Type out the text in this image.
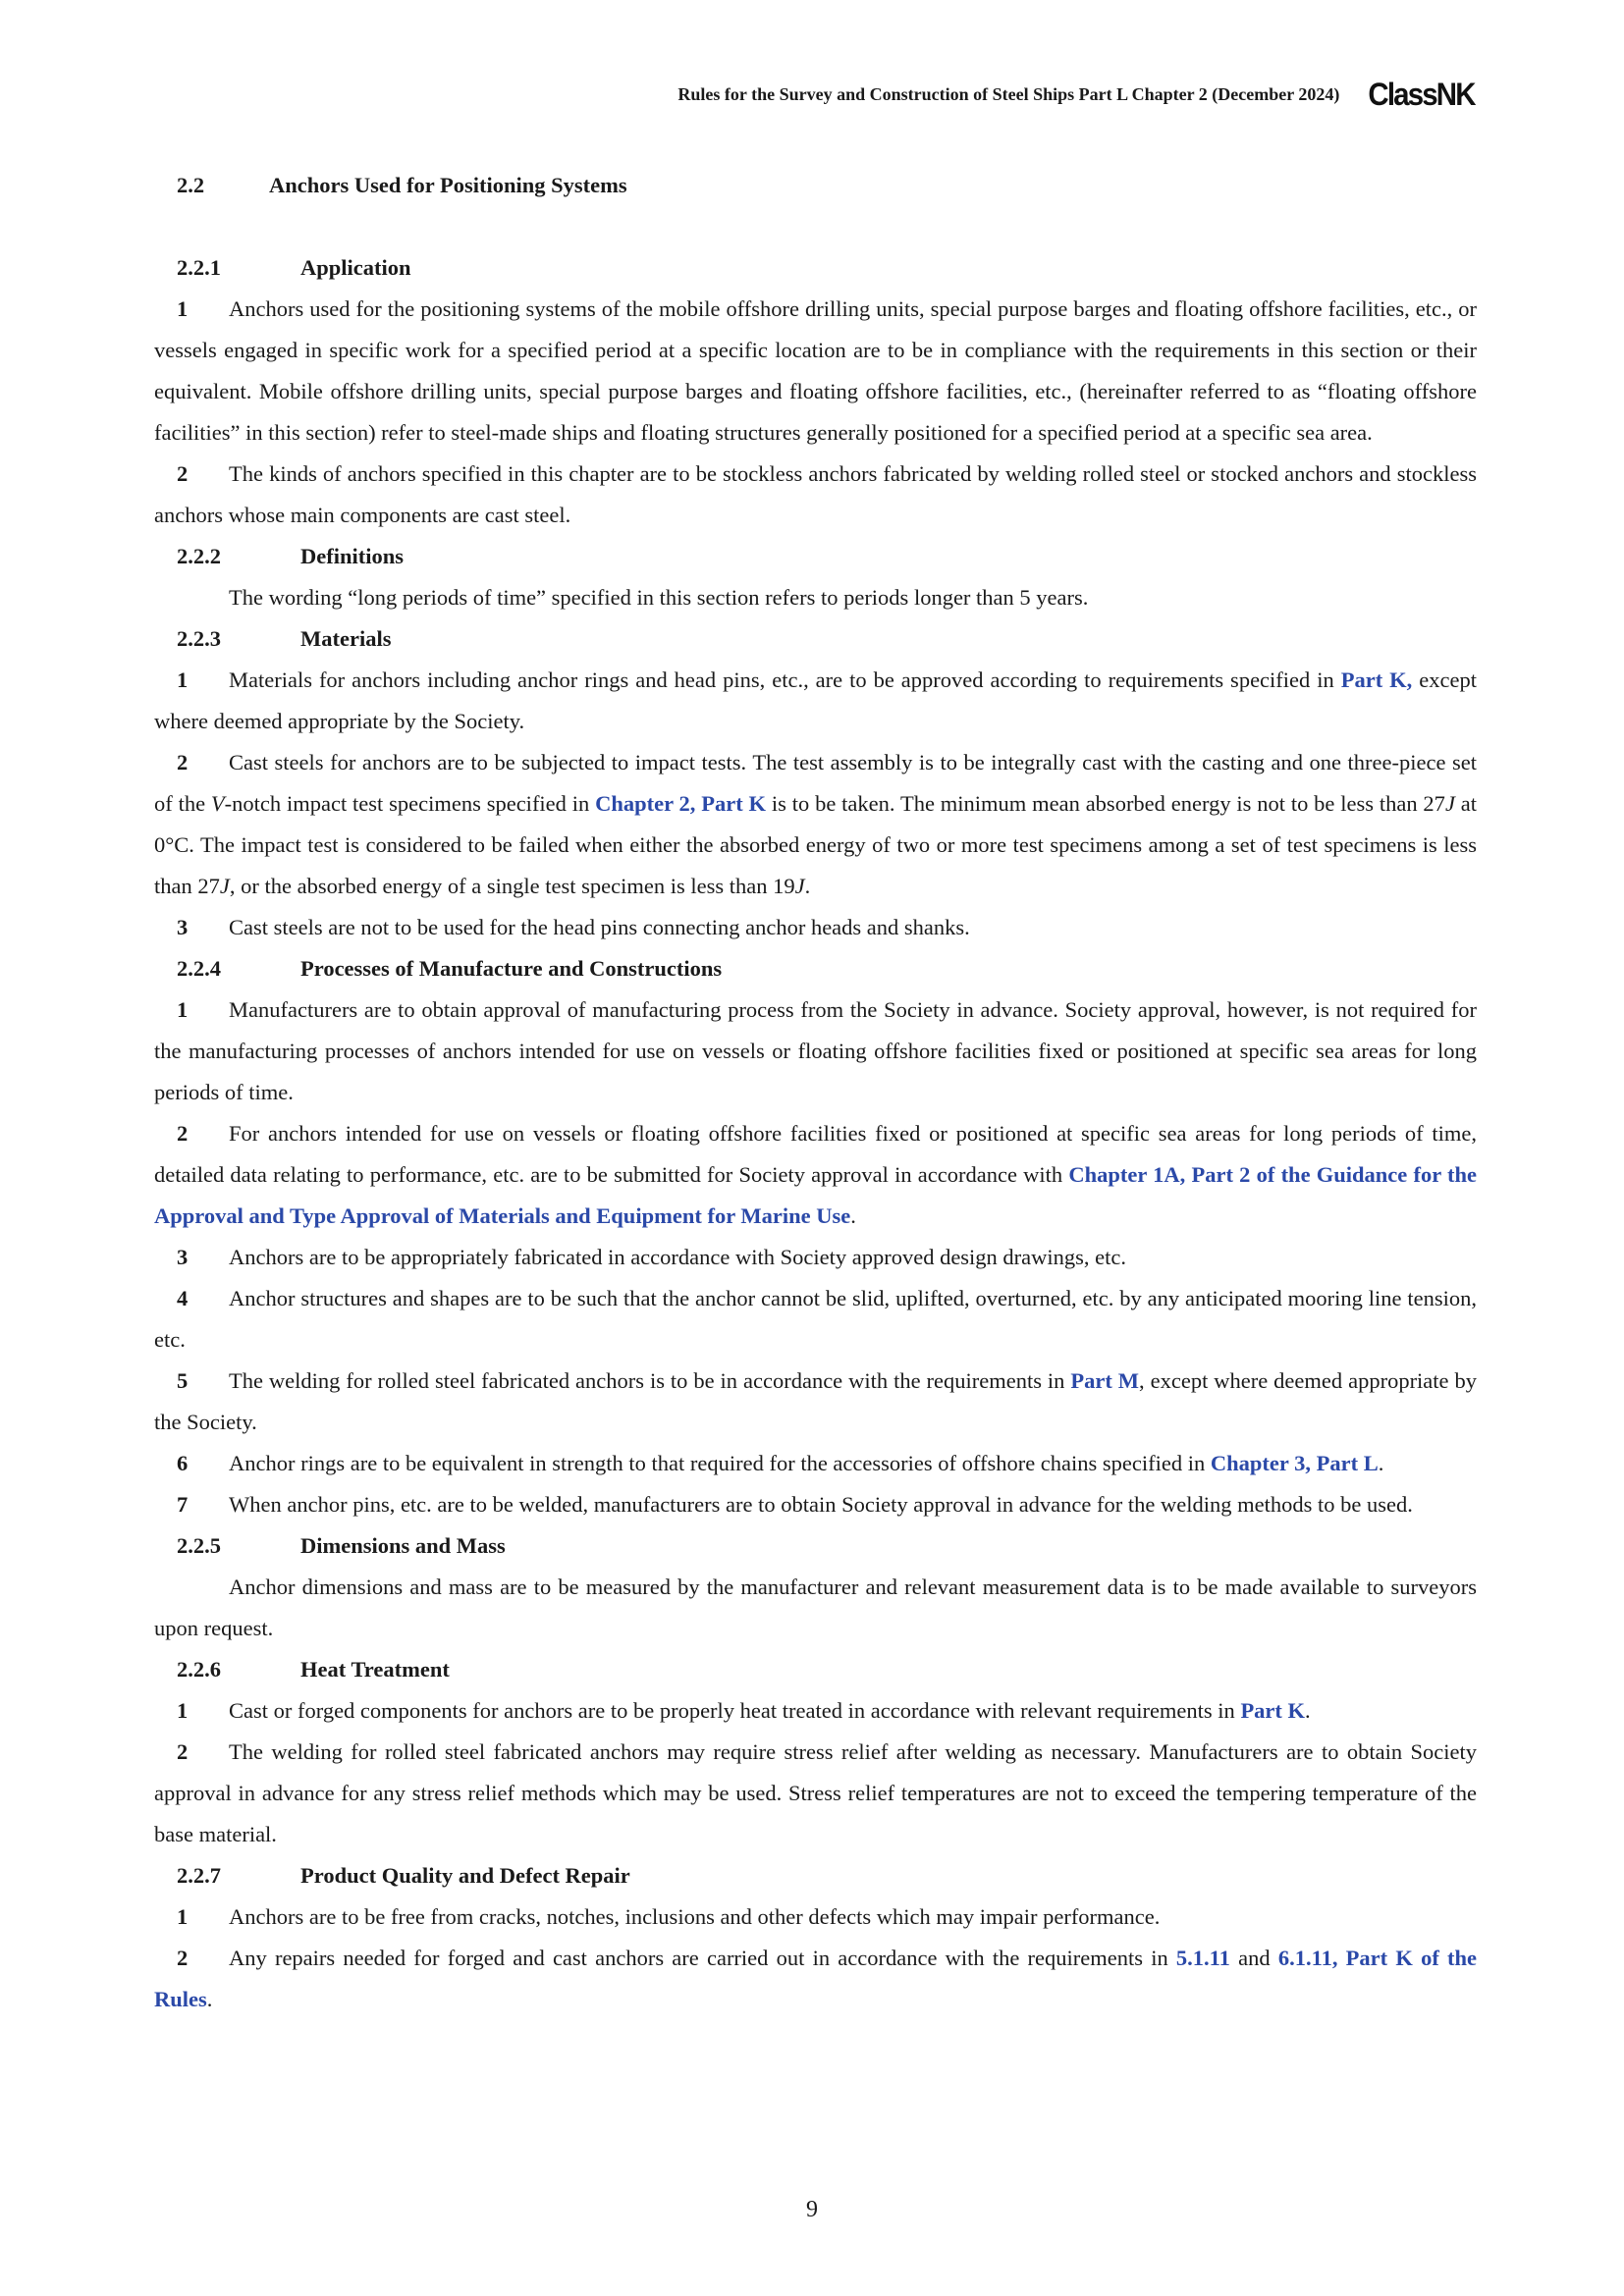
Rules for the Survey and Construction of Steel Ships Part L Chapter 2 (December 2024) ClassNK
2.2	Anchors Used for Positioning Systems
2.2.1	Application
1 Anchors used for the positioning systems of the mobile offshore drilling units, special purpose barges and floating offshore facilities, etc., or vessels engaged in specific work for a specified period at a specific location are to be in compliance with the requirements in this section or their equivalent. Mobile offshore drilling units, special purpose barges and floating offshore facilities, etc., (hereinafter referred to as “floating offshore facilities” in this section) refer to steel-made ships and floating structures generally positioned for a specified period at a specific sea area.
2 The kinds of anchors specified in this chapter are to be stockless anchors fabricated by welding rolled steel or stocked anchors and stockless anchors whose main components are cast steel.
2.2.2	Definitions
The wording “long periods of time” specified in this section refers to periods longer than 5 years.
2.2.3	Materials
1 Materials for anchors including anchor rings and head pins, etc., are to be approved according to requirements specified in Part K, except where deemed appropriate by the Society.
2 Cast steels for anchors are to be subjected to impact tests. The test assembly is to be integrally cast with the casting and one three-piece set of the V-notch impact test specimens specified in Chapter 2, Part K is to be taken. The minimum mean absorbed energy is not to be less than 27J at 0°C. The impact test is considered to be failed when either the absorbed energy of two or more test specimens among a set of test specimens is less than 27J, or the absorbed energy of a single test specimen is less than 19J.
3 Cast steels are not to be used for the head pins connecting anchor heads and shanks.
2.2.4	Processes of Manufacture and Constructions
1 Manufacturers are to obtain approval of manufacturing process from the Society in advance. Society approval, however, is not required for the manufacturing processes of anchors intended for use on vessels or floating offshore facilities fixed or positioned at specific sea areas for long periods of time.
2 For anchors intended for use on vessels or floating offshore facilities fixed or positioned at specific sea areas for long periods of time, detailed data relating to performance, etc. are to be submitted for Society approval in accordance with Chapter 1A, Part 2 of the Guidance for the Approval and Type Approval of Materials and Equipment for Marine Use.
3 Anchors are to be appropriately fabricated in accordance with Society approved design drawings, etc.
4 Anchor structures and shapes are to be such that the anchor cannot be slid, uplifted, overturned, etc. by any anticipated mooring line tension, etc.
5 The welding for rolled steel fabricated anchors is to be in accordance with the requirements in Part M, except where deemed appropriate by the Society.
6 Anchor rings are to be equivalent in strength to that required for the accessories of offshore chains specified in Chapter 3, Part L.
7 When anchor pins, etc. are to be welded, manufacturers are to obtain Society approval in advance for the welding methods to be used.
2.2.5	Dimensions and Mass
Anchor dimensions and mass are to be measured by the manufacturer and relevant measurement data is to be made available to surveyors upon request.
2.2.6	Heat Treatment
1 Cast or forged components for anchors are to be properly heat treated in accordance with relevant requirements in Part K.
2 The welding for rolled steel fabricated anchors may require stress relief after welding as necessary. Manufacturers are to obtain Society approval in advance for any stress relief methods which may be used. Stress relief temperatures are not to exceed the tempering temperature of the base material.
2.2.7	Product Quality and Defect Repair
1 Anchors are to be free from cracks, notches, inclusions and other defects which may impair performance.
2 Any repairs needed for forged and cast anchors are carried out in accordance with the requirements in 5.1.11 and 6.1.11, Part K of the Rules.
9
